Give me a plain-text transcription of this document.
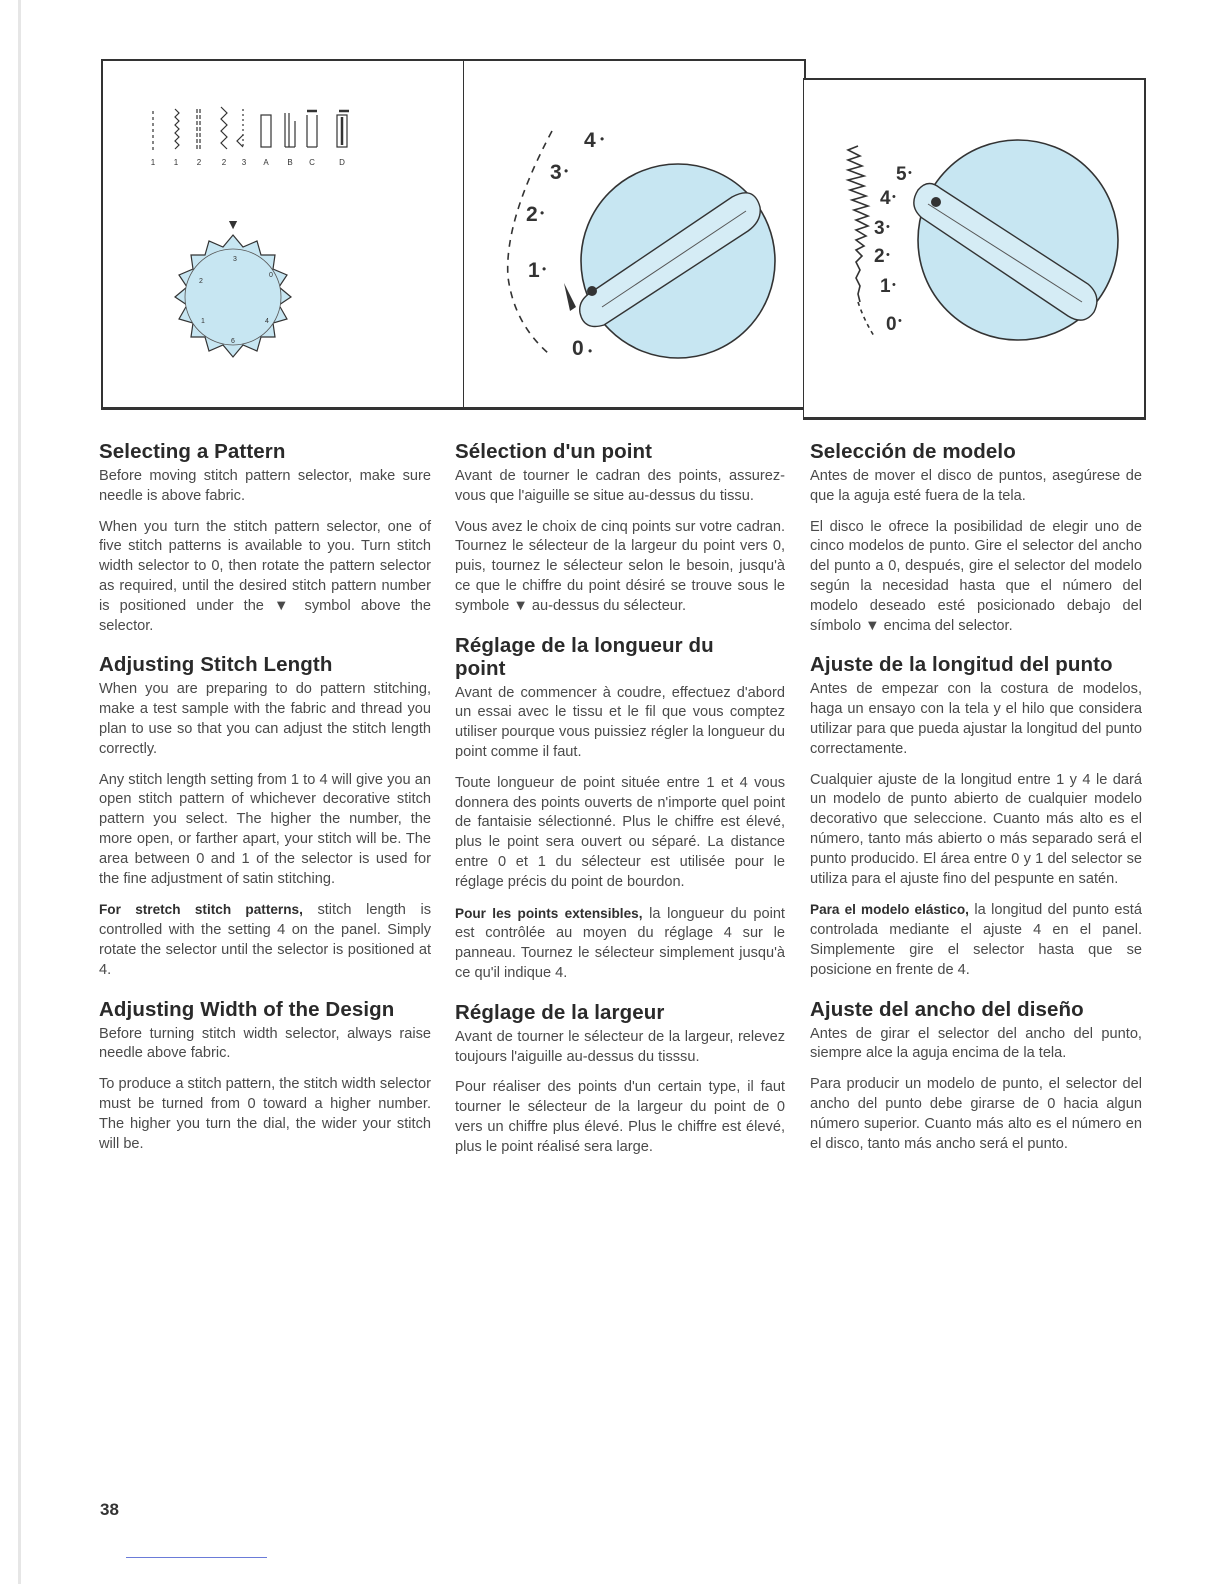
1 1 2	2 3 A B C	D
▼
3
0
4
6
2
1
0
1
2
3
4
•
•
•
•
•
0
1
2
3
4
5
•
•
•
•
•
•
Selecting a Pattern

Before moving stitch pattern selector, make sure needle is above fabric.

When you turn the stitch pattern selector, one of five stitch patterns is available to you. Turn stitch width selector to 0, then rotate the pattern selector as required, until the desired stitch pattern number is positioned under the ▼ symbol above the selector.

Adjusting Stitch Length

When you are preparing to do pattern stitching, make a test sample with the fabric and thread you plan to use so that you can adjust the stitch length correctly.

Any stitch length setting from 1 to 4 will give you an open stitch pattern of whichever decorative stitch pattern you select. The higher the number, the more open, or farther apart, your stitch will be. The area between 0 and 1 of the selector is used for the fine adjustment of satin stitching.

For stretch stitch patterns, stitch length is controlled with the setting 4 on the panel. Simply rotate the selector until the selector is positioned at 4.

Adjusting Width of the Design

Before turning stitch width selector, always raise needle above fabric.

To produce a stitch pattern, the stitch width selector must be turned from 0 toward a higher number. The higher you turn the dial, the wider your stitch will be.

Sélection d'un point

Avant de tourner le cadran des points, assurez-vous que l'aiguille se situe au-dessus du tissu.

Vous avez le choix de cinq points sur votre cadran. Tournez le sélecteur de la largeur du point vers 0, puis, tournez le sélecteur selon le besoin, jusqu'à ce que le chiffre du point désiré se trouve sous le symbole ▼ au-dessus du sélecteur.

Réglage de la longueur du point

Avant de commencer à coudre, effectuez d'abord un essai avec le tissu et le fil que vous comptez utiliser pourque vous puissiez régler la longueur du point comme il faut.

Toute longueur de point située entre 1 et 4 vous donnera des points ouverts de n'importe quel point de fantaisie sélectionné. Plus le chiffre est élevé, plus le point sera ouvert ou séparé. La distance entre 0 et 1 du sélecteur est utilisée pour le réglage précis du point de bourdon.

Pour les points extensibles, la longueur du point est contrôlée au moyen du réglage 4 sur le panneau. Tournez le sélecteur simplement jusqu'à ce qu'il indique 4.

Réglage de la largeur

Avant de tourner le sélecteur de la largeur, relevez toujours l'aiguille au-dessus du tisssu.

Pour réaliser des points d'un certain type, il faut tourner le sélecteur de la largeur du point de 0 vers un chiffre plus élevé. Plus le chiffre est élevé, plus le point réalisé sera large.

Selección de modelo

Antes de mover el disco de puntos, asegúrese de que la aguja esté fuera de la tela.

El disco le ofrece la posibilidad de elegir uno de cinco modelos de punto. Gire el selector del ancho del punto a 0, después, gire el selector del modelo según la necesidad hasta que el número del modelo deseado esté posicionado debajo del símbolo ▼ encima del selector.

Ajuste de la longitud del punto

Antes de empezar con la costura de modelos, haga un ensayo con la tela y el hilo que considera utilizar para que pueda ajustar la longitud del punto correctamente.

Cualquier ajuste de la longitud entre 1 y 4 le dará un modelo de punto abierto de cualquier modelo decorativo que seleccione. Cuanto más alto es el número, tanto más abierto o más separado será el punto producido. El área entre 0 y 1 del selector se utiliza para el ajuste fino del pespunte en satén.

Para el modelo elástico, la longitud del punto está controlada mediante el ajuste 4 en el panel. Simplemente gire el selector hasta que se posicione en frente de 4.

Ajuste del ancho del diseño

Antes de girar el selector del ancho del punto, siempre alce la aguja encima de la tela.

Para producir un modelo de punto, el selector del ancho del punto debe girarse de 0 hacia algun número superior. Cuanto más alto es el número en el disco, tanto más ancho será el punto.

38
